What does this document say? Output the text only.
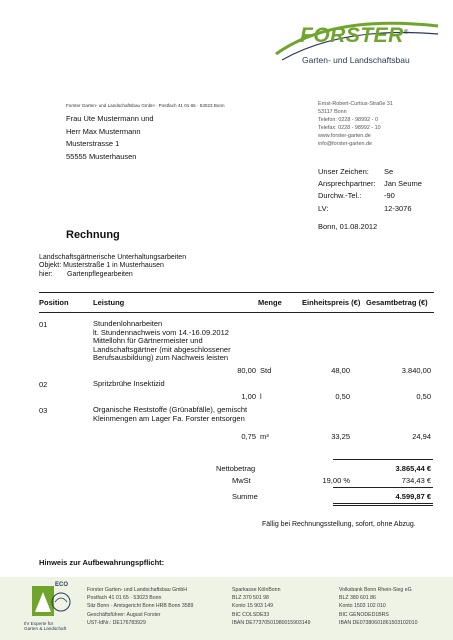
FORSTER®
Garten- und Landschaftsbau
Forster Garten- und Landschaftsbau GmbH · Postfach 41 01 65 · 53023 Bonn
Frau Ute Mustermann und
Herr Max Mustermann
Musterstrasse 1
55555 Musterhausen
Ernst-Robert-Curtius-Straße 31
53117 Bonn
Telefon: 0228 - 98992 - 0
Telefax: 0228 - 98992 - 10
www.forster-garten.de
info@forster-garten.de
Unser Zeichen: Se
Ansprechpartner: Jan Seume
Durchw.-Tel.:	-90
LV:	12-3076
Bonn, 01.08.2012
Rechnung
Landschaftsgärtnerische Unterhaltungsarbeiten
Objekt: Musterstraße 1 in Musterhausen
hier: Gartenpflegearbeiten
Position	Leistung	Menge	Einheitspreis (€) Gesamtbetrag (€)
01	Stundenlohnarbeiten
lt. Stundennachweis vom 14.-16.09.2012
Mittellohn für Gärtnermeister und
Landschaftsgärtner (mit abgeschlossener
Berufsausbildung) zum Nachweis leisten
80,00 Std	48,00	3.840,00
02	Spritzbrühe Insektizid
1,00 l	0,50	0,50
03	Organische Reststoffe (Grünabfälle), gemischt
Kleinmengen am Lager Fa. Forster entsorgen
0,75 m³	33,25	24,94
Nettobetrag	3.865,44 €
MwSt	19,00 %	734,43 €
Summe	4.599,87 €
Fällig bei Rechnungsstellung, sofort, ohne Abzug.
Hinweis zur Aufbewahrungspflicht:
ECO
Ihr Experte für
Garten & Landschaft
Forster Garten- und Landschaftsbau GmbH
Postfach 41 01 65 · 53023 Bonn
Sitz Bonn · Amtsgericht Bonn HRB Bonn 3589
Geschäftsführer: August Forster
UST-IdNr.: DE176783929
Sparkasse KölnBonn
BLZ 370 501 98
Konto 15 903 149
BIC COLSDE33
IBAN DE77370501980015903149
Volksbank Bonn Rhein-Sieg eG
BLZ 380 601 86
Konto 1503 102 010
BIC GENODED1BRS
IBAN DE07380601861503102010
